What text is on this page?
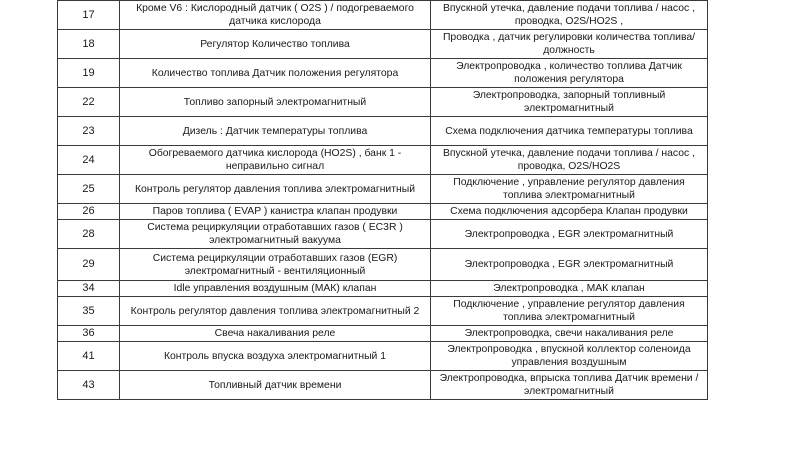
17	Кроме V6 : Кислородный датчик ( O2S ) / подогреваемого датчика кислорода	Впускной утечка, давление подачи топлива / насос , проводка, O2S/HO2S ,
18	Регулятор Количество топлива	Проводка , датчик регулировки количества топлива/ должность
19	Количество топлива Датчик положения регулятора	Электропроводка , количество топлива Датчик положения регулятора
22	Топливо запорный электромагнитный	Электропроводка, запорный топливный электромагнитный
23	Дизель : Датчик температуры топлива	Схема подключения датчика температуры топлива
24	Обогреваемого датчика кислорода (HO2S) , банк 1 - неправильно сигнал	Впускной утечка, давление подачи топлива / насос , проводка, O2S/HO2S
25	Контроль регулятор давления топлива электромагнитный	Подключение , управление регулятор давления топлива электромагнитный
26	Паров топлива ( EVAP ) канистра клапан продувки	Схема подключения адсорбера Клапан продувки
28	Система рециркуляции отработавших газов ( EC3R ) электромагнитный вакуума	Электропроводка , EGR электромагнитный
29	Система рециркуляции отработавших газов (EGR) электромагнитный - вентиляционный	Электропроводка , EGR электромагнитный
34	Idle управления воздушным (МАК) клапан	Электропроводка , МАК клапан
35	Контроль регулятор давления топлива электромагнитный 2	Подключение , управление регулятор давления топлива электромагнитный
36	Свеча накаливания реле	Электропроводка, свечи накаливания реле
41	Контроль впуска воздуха электромагнитный 1	Электропроводка , впускной коллектор соленоида управления воздушным
43	Топливный датчик времени	Электропроводка, впрыска топлива Датчик времени / электромагнитный
